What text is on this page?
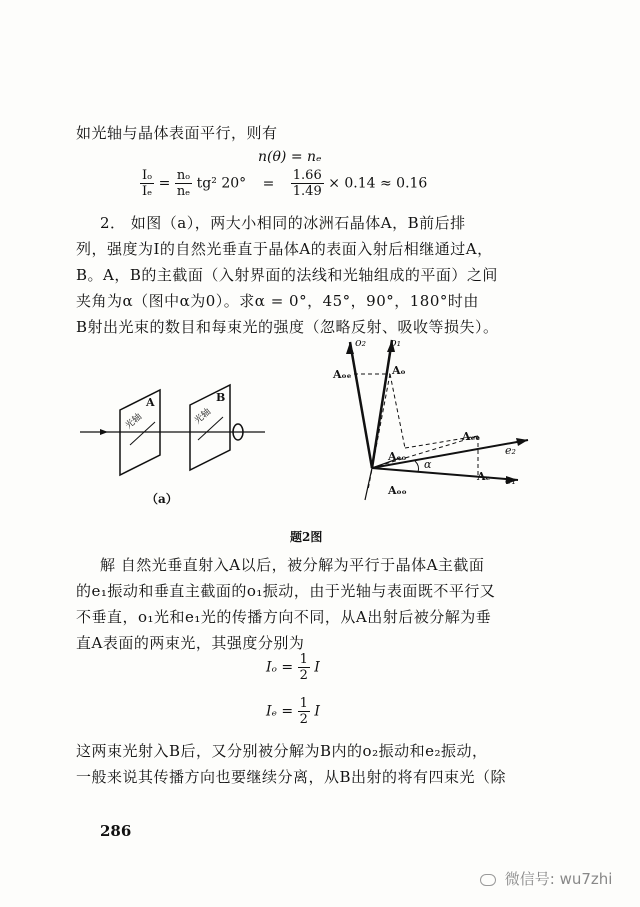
如光轴与晶体表面平行，则有
n(θ) = nₑ
$\frac{\text{Iₒ}}{\text{Iₑ}} = \frac{\text{nₒ}}{\text{nₑ}} tg^2$ $20^\circ = \frac{1.66}{1.49} \times 0.14 \approx 0.16$
2． 如图（a），两大小相同的冰洲石晶体A，B前后排
列，强度为I的自然光垂直于晶体A的表面入射后相继通过A，
B。A，B的主截面（入射界面的法线和光轴组成的平面）之间
夹角为α（图中α为0）。求α = 0°，45°，90°，180°时由
B射出光束的数目和每束光的强度（忽略反射、吸收等损失）。
A	B
光轴	光轴
（a）
o₂ o₁
Aₒₑ	Aₒ
Aₑₑ
Aₑₒ
Aₑ
Aₒₒ
e₂
e₁
α
题2图
解 自然光垂直射入A以后，被分解为平行于晶体A主截面
的e₁振动和垂直主截面的o₁振动，由于光轴与表面既不平行又
不垂直，o₁光和e₁光的传播方向不同，从A出射后被分解为垂
直A表面的两束光，其强度分别为
$I_o = \frac{1}{2}$ I
$I_e = \frac{1}{2}$ I
这两束光射入B后，又分别被分解为B内的o₂振动和e₂振动，
一般来说其传播方向也要继续分离，从B出射的将有四束光（除
286
微信号: wu7zhi
